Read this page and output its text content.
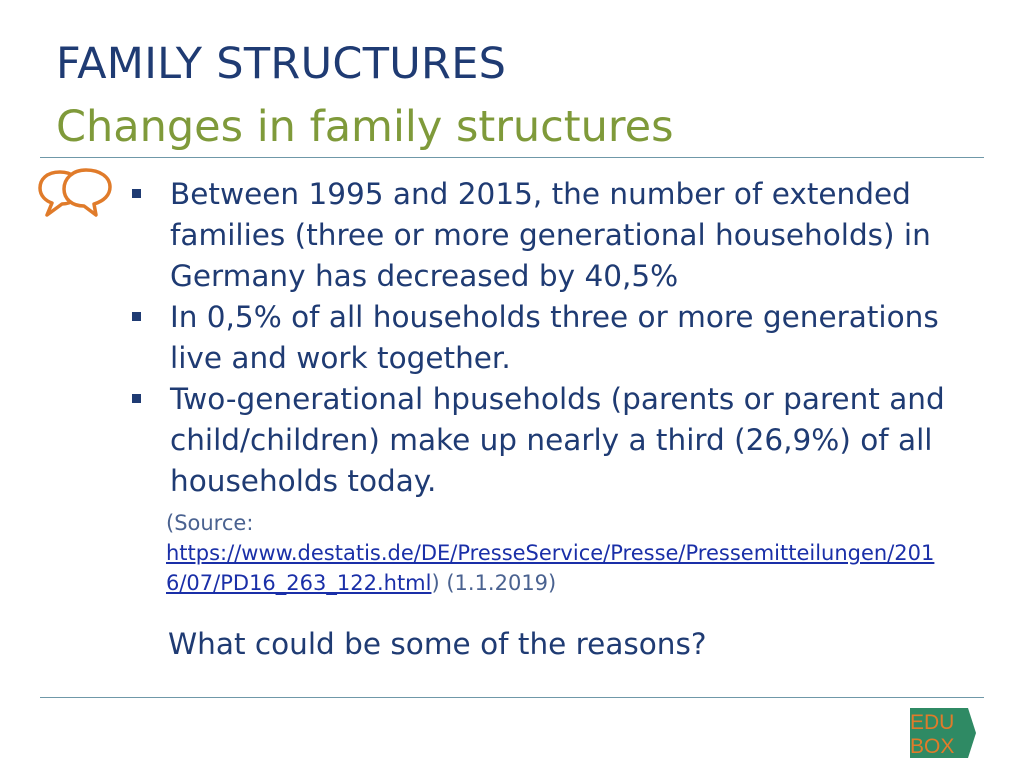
FAMILY STRUCTURES
Changes in family structures
Between 1995 and 2015, the number of extended families (three or more generational households) in Germany has decreased by 40,5%
In 0,5% of all households three or more generations live and work together.
Two-generational hpuseholds (parents or parent and child/children) make up nearly a third (26,9%) of all households today.
(Source:
https://www.destatis.de/DE/PresseService/Presse/Pressemitteilungen/2016/07/PD16_263_122.html) (1.1.2019)
What could be some of the reasons?
EDU
BOX
